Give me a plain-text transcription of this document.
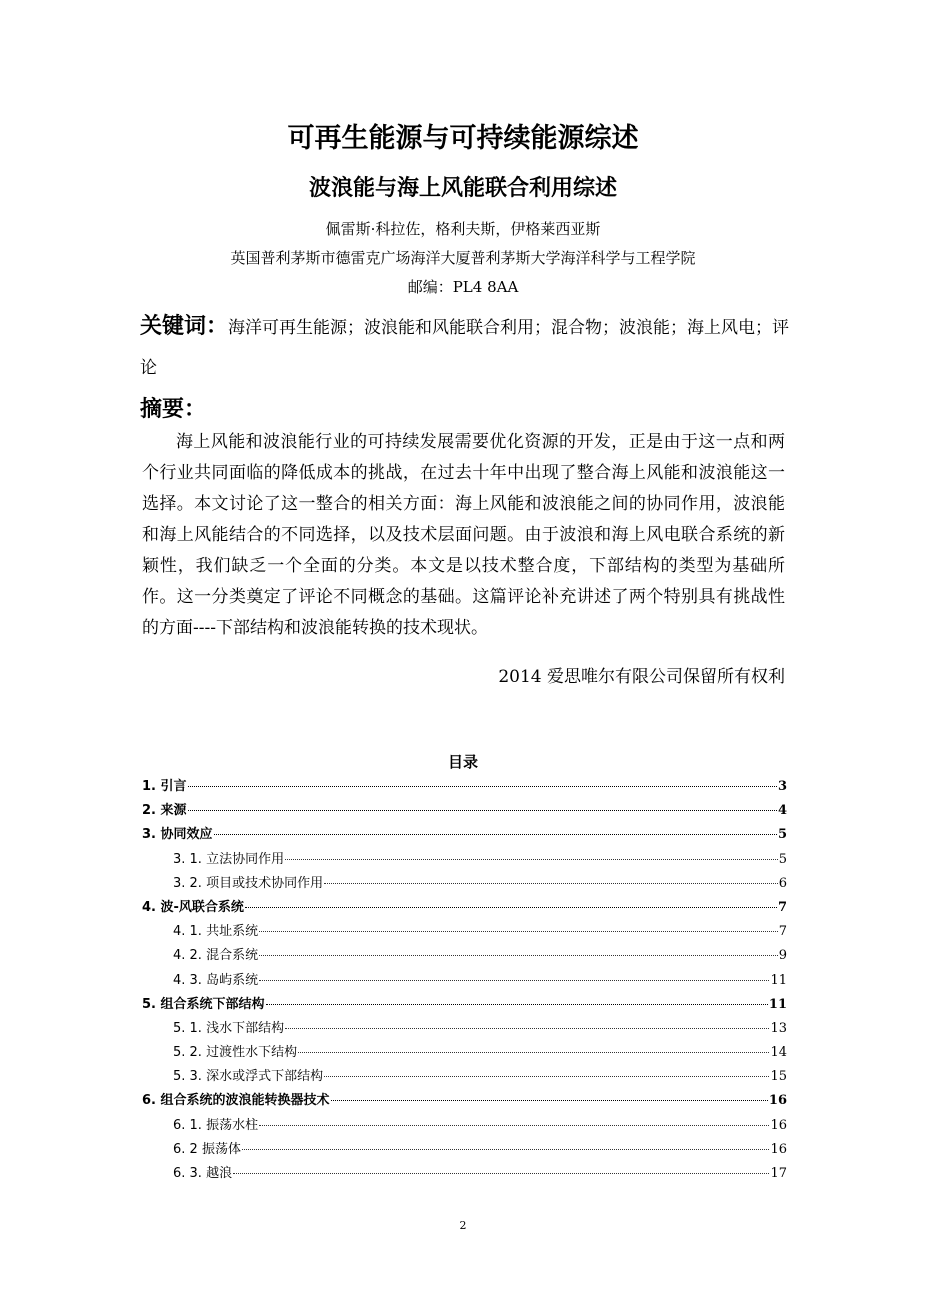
可再生能源与可持续能源综述
波浪能与海上风能联合利用综述
佩雷斯·科拉佐，格利夫斯，伊格莱西亚斯
英国普利茅斯市德雷克广场海洋大厦普利茅斯大学海洋科学与工程学院
邮编：PL4 8AA
关键词：海洋可再生能源；波浪能和风能联合利用；混合物；波浪能；海上风电；评论
摘要：

海上风能和波浪能行业的可持续发展需要优化资源的开发，正是由于这一点和两个行业共同面临的降低成本的挑战，在过去十年中出现了整合海上风能和波浪能这一选择。本文讨论了这一整合的相关方面：海上风能和波浪能之间的协同作用，波浪能和海上风能结合的不同选择，以及技术层面问题。由于波浪和海上风电联合系统的新颖性，我们缺乏一个全面的分类。本文是以技术整合度，下部结构的类型为基础所作。这一分类奠定了评论不同概念的基础。这篇评论补充讲述了两个特别具有挑战性的方面----下部结构和波浪能转换的技术现状。

2014 爱思唯尔有限公司保留所有权利
目录
1. 引言	3
2. 来源	4
3. 协同效应	5
3. 1. 立法协同作用	5
3. 2. 项目或技术协同作用	6
4. 波-风联合系统	7
4. 1. 共址系统	7
4. 2. 混合系统	9
4. 3. 岛屿系统	11
5. 组合系统下部结构	11
5. 1. 浅水下部结构	13
5. 2. 过渡性水下结构	14
5. 3. 深水或浮式下部结构	15
6. 组合系统的波浪能转换器技术	16
6. 1. 振荡水柱	16
6. 2 振荡体	16
6. 3. 越浪	17
2
